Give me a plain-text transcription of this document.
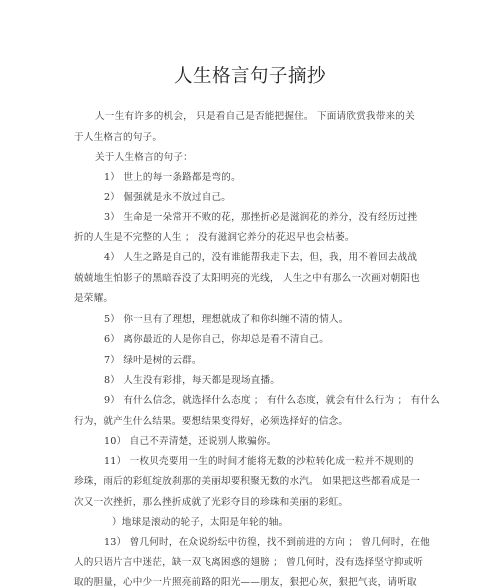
人生格言句子摘抄
人一生有许多的机会， 只是看自己是否能把握住。 下面请欣赏我带来的关
于人生格言的句子。
关于人生格言的句子：
1） 世上的每一条路都是弯的。
2） 倔强就是永不放过自己。
3） 生命是一朵常开不败的花，那挫折必是滋润花的养分，没有经历过挫
折的人生是不完整的人生 ； 没有滋润它养分的花迟早也会枯萎。
4） 人生之路是自己的，没有谁能帮我走下去，但，我，用不着回去战战
兢兢地生怕影子的黑暗吞没了太阳明亮的光线， 人生之中有那么一次画对朝阳也
是荣耀。
5） 你一旦有了理想，理想就成了和你纠缠不清的情人。
6） 离你最近的人是你自己，你却总是看不清自己。
7） 绿叶是树的云群。
8） 人生没有彩排，每天都是现场直播。
9） 有什么信念，就选择什么态度 ； 有什么态度，就会有什么行为 ； 有什么
行为，就产生什么结果。要想结果变得好，必须选择好的信念。
10） 自己不弄清楚，还说别人欺骗你。
11） 一枚贝壳要用一生的时间才能将无数的沙粒转化成一粒并不规则的
珍珠，雨后的彩虹绽放刹那的美丽却要积聚无数的水汽。 如果把这些都看成是一
次又一次挫折，那么挫折成就了光彩夺目的珍珠和美丽的彩虹。
）地球是滚动的轮子，太阳是年轮的轴。
13） 曾几何时，在众说纷纭中彷徨，找不到前进的方向 ； 曾几何时，在他
人的只语片言中迷茫，缺一双飞离困惑的翅膀 ； 曾几何时，没有选择坚守抑或听
取的胆量，心中少一片照亮前路的阳光——朋友，狠把心灰，狠把气丧，请听取
